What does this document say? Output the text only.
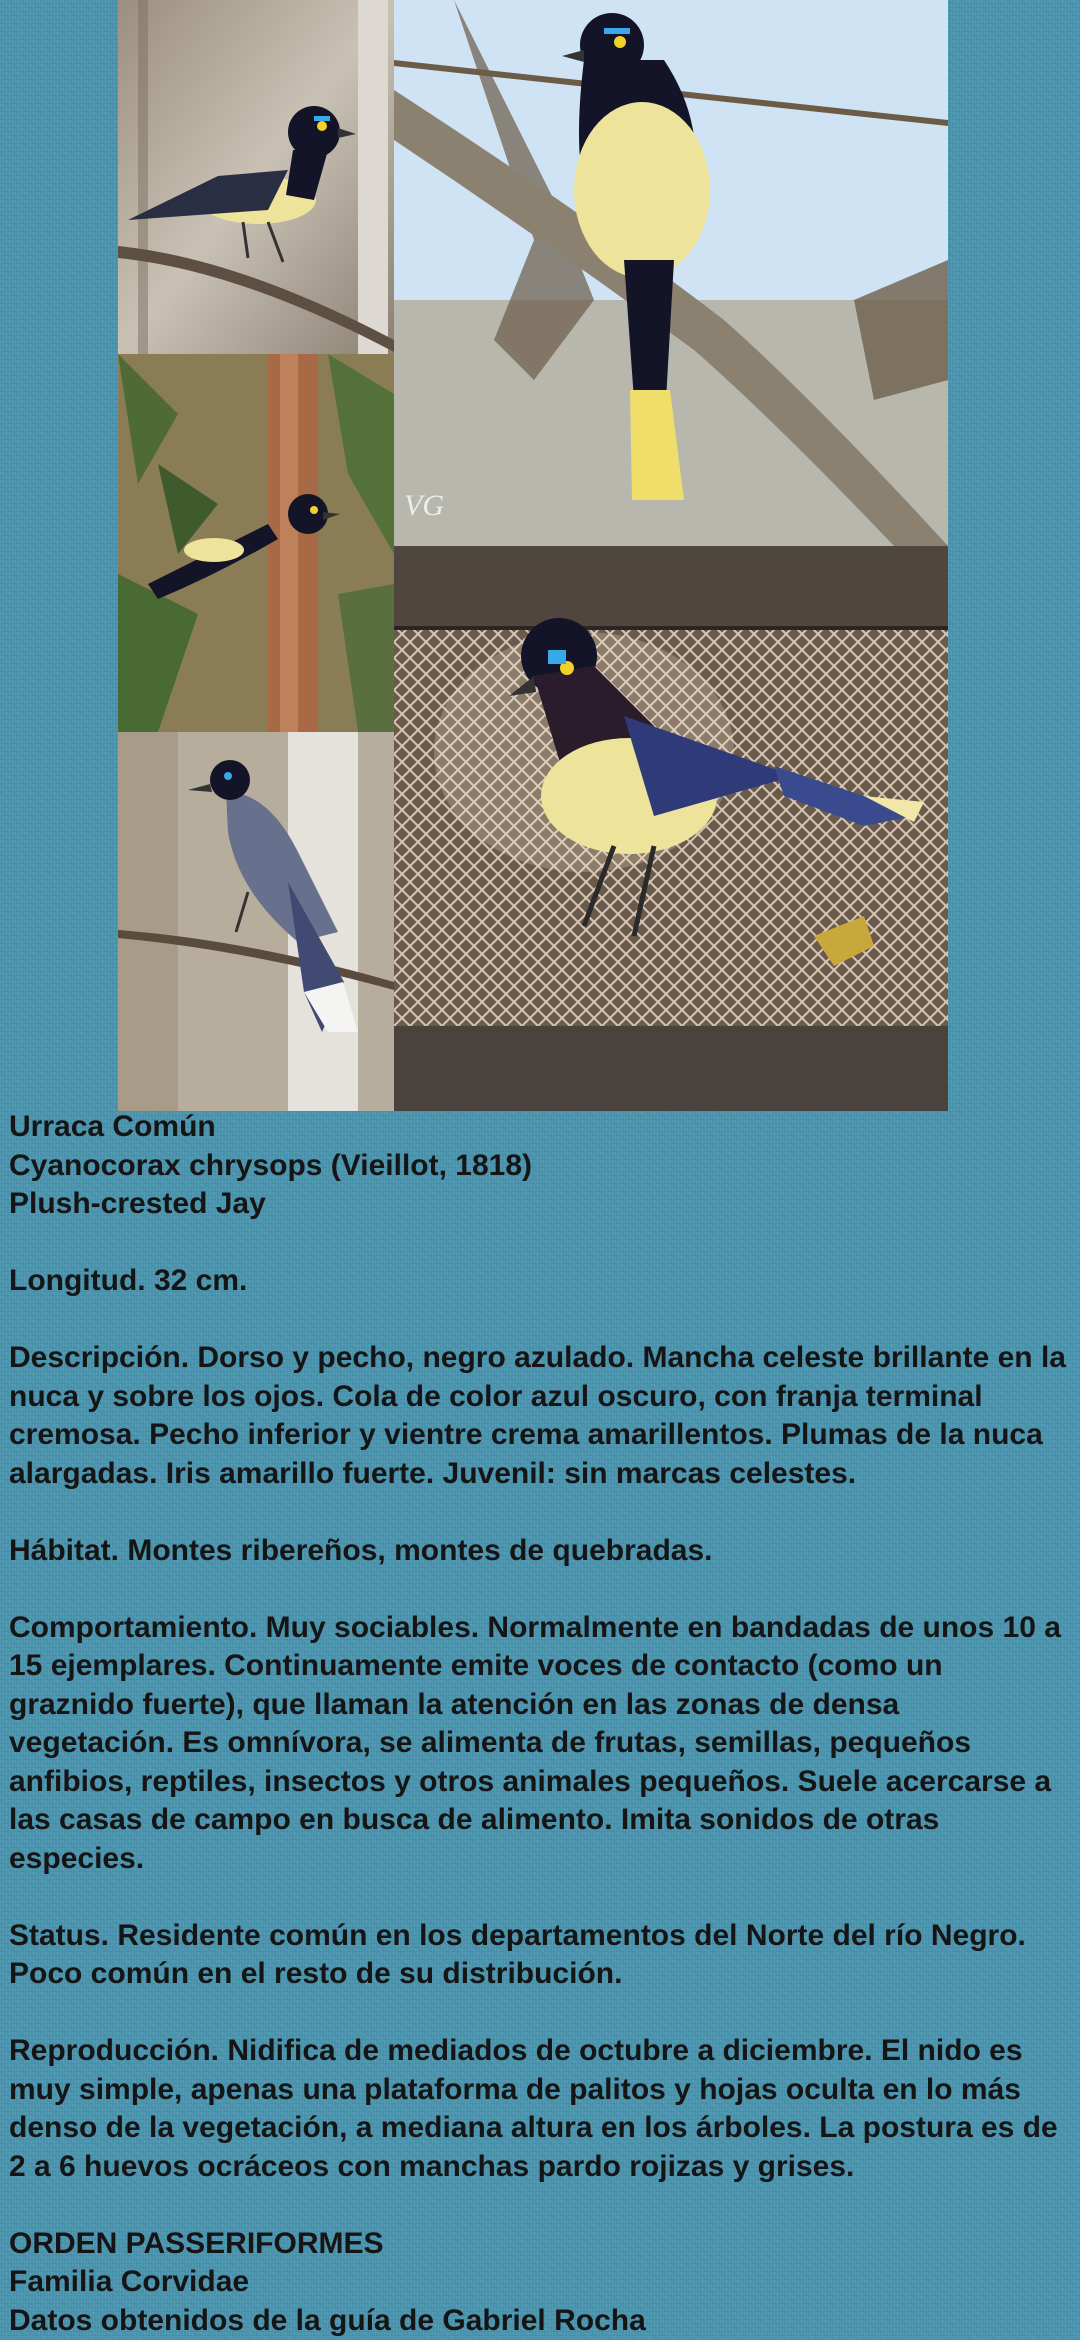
VG

Urraca Común
Cyanocorax chrysops (Vieillot, 1818)
Plush-crested Jay

Longitud. 32 cm.

Descripción. Dorso y pecho, negro azulado. Mancha celeste brillante en la nuca y sobre los ojos. Cola de color azul oscuro, con franja terminal cremosa. Pecho inferior y vientre crema amarillentos. Plumas de la nuca alargadas. Iris amarillo fuerte. Juvenil: sin marcas celestes.

Hábitat. Montes ribereños, montes de quebradas.

Comportamiento. Muy sociables. Normalmente en bandadas de unos 10 a 15 ejemplares. Continuamente emite voces de contacto (como un graznido fuerte), que llaman la atención en las zonas de densa vegetación. Es omnívora, se alimenta de frutas, semillas, pequeños anfibios, reptiles, insectos y otros animales pequeños. Suele acercarse a las casas de campo en busca de alimento. Imita sonidos de otras especies.

Status. Residente común en los departamentos del Norte del río Negro. Poco común en el resto de su distribución.

Reproducción. Nidifica de mediados de octubre a diciembre. El nido es muy simple, apenas una plataforma de palitos y hojas oculta en lo más denso de la vegetación, a mediana altura en los árboles. La postura es de 2 a 6 huevos ocráceos con manchas pardo rojizas y grises.

ORDEN PASSERIFORMES
Familia Corvidae
Datos obtenidos de la guía de Gabriel Rocha
